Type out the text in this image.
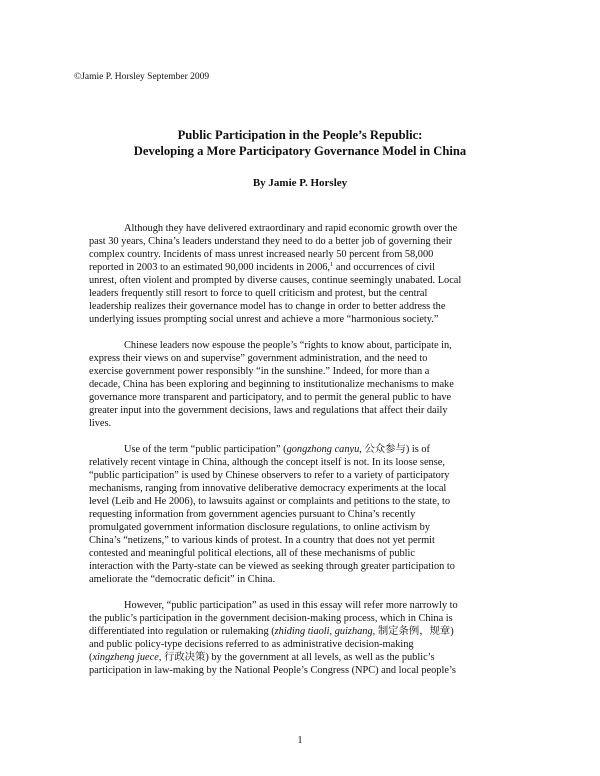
©Jamie P. Horsley September 2009
Public Participation in the People’s Republic:
Developing a More Participatory Governance Model in China
By Jamie P. Horsley
Although they have delivered extraordinary and rapid economic growth over the
past 30 years, China’s leaders understand they need to do a better job of governing their
complex country. Incidents of mass unrest increased nearly 50 percent from 58,000
reported in 2003 to an estimated 90,000 incidents in 2006,$^1$ and occurrences of civil
unrest, often violent and prompted by diverse causes, continue seemingly unabated. Local
leaders frequently still resort to force to quell criticism and protest, but the central
leadership realizes their governance model has to change in order to better address the
underlying issues prompting social unrest and achieve a more “harmonious society.”
Chinese leaders now espouse the people’s “rights to know about, participate in,
express their views on and supervise” government administration, and the need to
exercise government power responsibly “in the sunshine.” Indeed, for more than a
decade, China has been exploring and beginning to institutionalize mechanisms to make
governance more transparent and participatory, and to permit the general public to have
greater input into the government decisions, laws and regulations that affect their daily
lives.
Use of the term “public participation” (gongzhong canyu, 公众参与) is of
relatively recent vintage in China, although the concept itself is not. In its loose sense,
“public participation” is used by Chinese observers to refer to a variety of participatory
mechanisms, ranging from innovative deliberative democracy experiments at the local
level (Leib and He 2006), to lawsuits against or complaints and petitions to the state, to
requesting information from government agencies pursuant to China’s recently
promulgated government information disclosure regulations, to online activism by
China’s “netizens,” to various kinds of protest. In a country that does not yet permit
contested and meaningful political elections, all of these mechanisms of public
interaction with the Party-state can be viewed as seeking through greater participation to
ameliorate the “democratic deficit” in China.
However, “public participation” as used in this essay will refer more narrowly to
the public’s participation in the government decision-making process, which in China is
differentiated into regulation or rulemaking (zhiding tiaoli, guizhang, 制定条例，规章)
and public policy-type decisions referred to as administrative decision-making
(xingzheng juece, 行政决策) by the government at all levels, as well as the public’s
participation in law-making by the National People’s Congress (NPC) and local people’s
1
